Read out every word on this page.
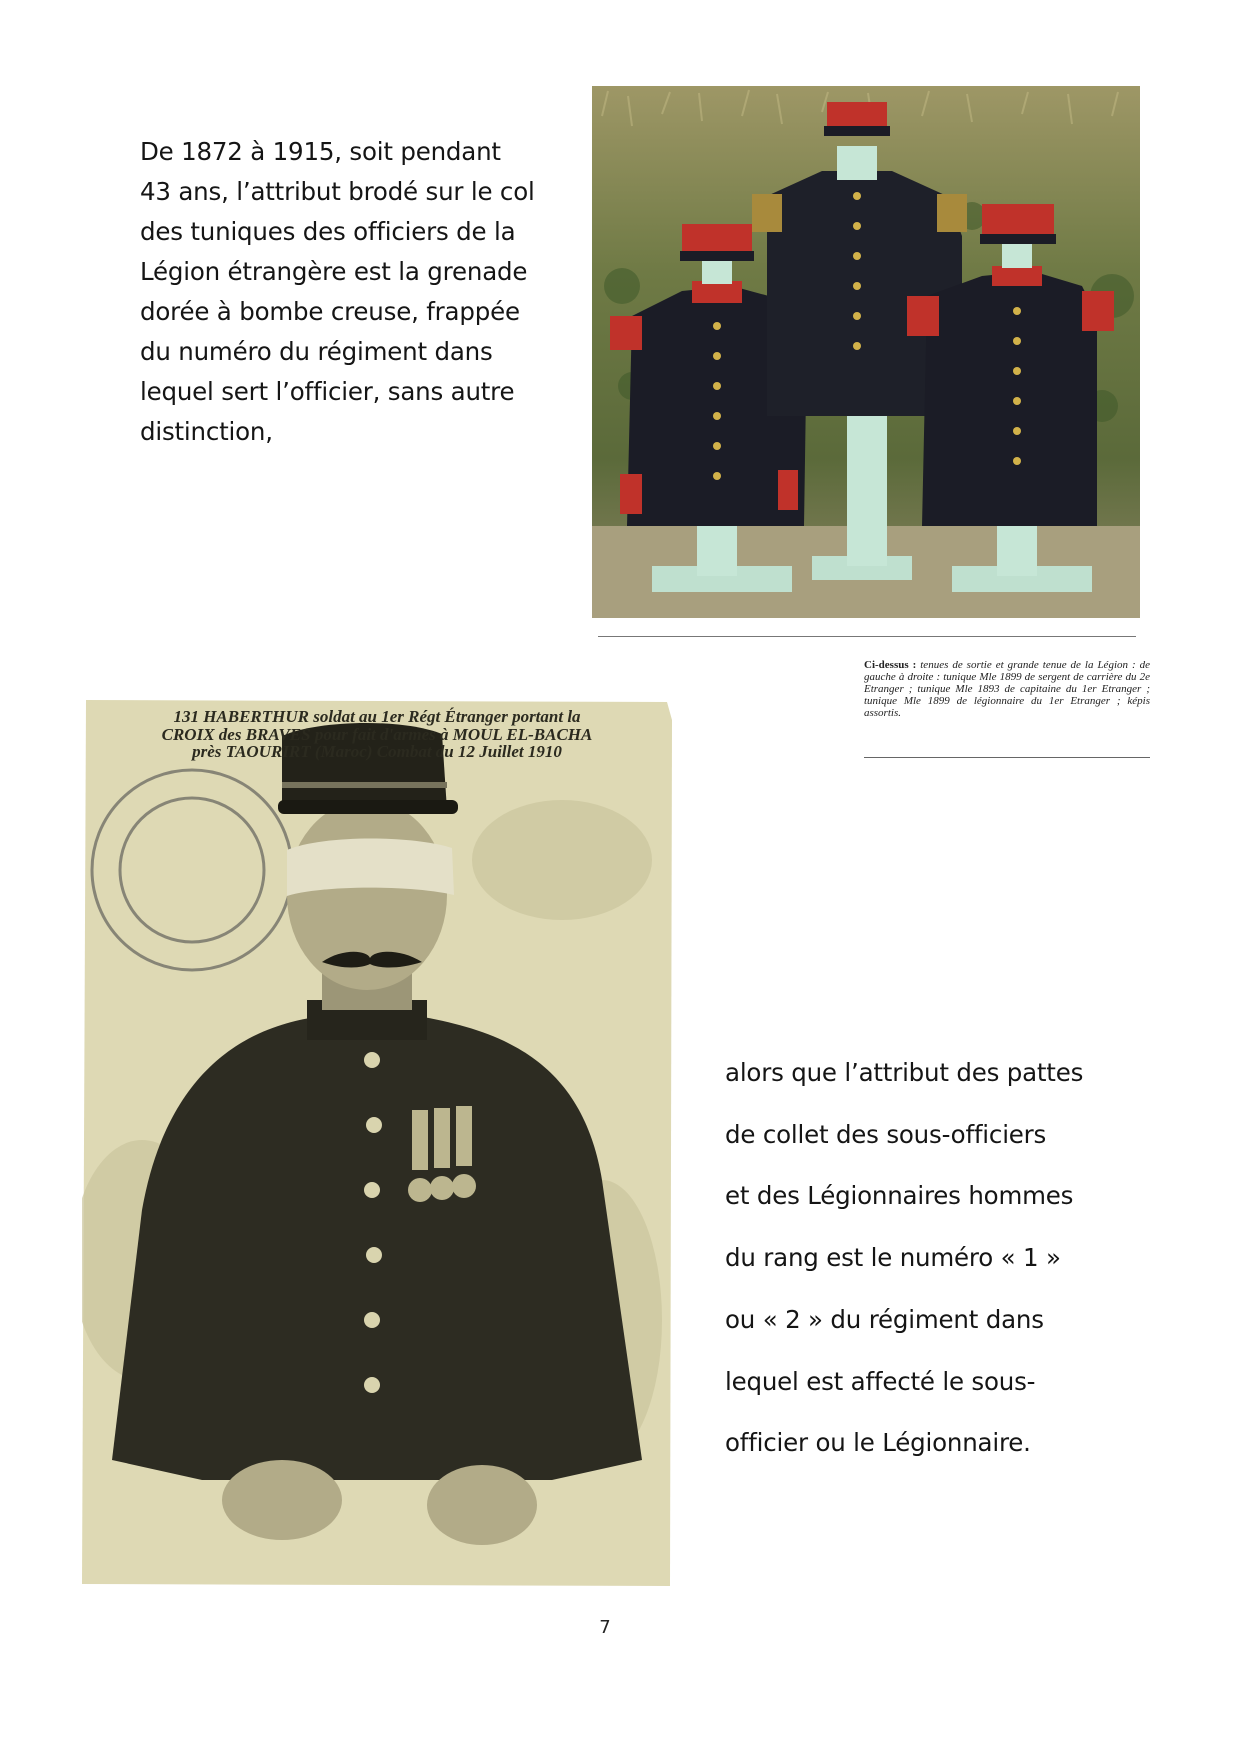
De 1872 à 1915, soit pendant
43 ans, l’attribut brodé sur le col
des tuniques des officiers de la
Légion étrangère est la grenade
dorée à bombe creuse, frappée
du numéro du régiment dans
lequel sert l’officier, sans autre
distinction,

Ci-dessus : tenues de sortie et grande tenue de la Légion : de gauche à droite : tunique Mle 1899 de sergent de carrière du 2e Etranger ; tunique Mle 1893 de capitaine du 1er Etranger ; tunique Mle 1899 de légionnaire du 1er Etranger ; képis assortis.

alors que l’attribut des pattes
de collet des sous-officiers
et des Légionnaires hommes
du rang est le numéro « 1 »
ou « 2 » du régiment dans
lequel est affecté le sous-
officier ou le Légionnaire.

131 HABERTHUR soldat au 1er Régt Étranger portant la
CROIX des BRAVES pour fait d'armes à MOUL EL-BACHA
près TAOURIRT (Maroc) Combat du 12 Juillet 1910
7
